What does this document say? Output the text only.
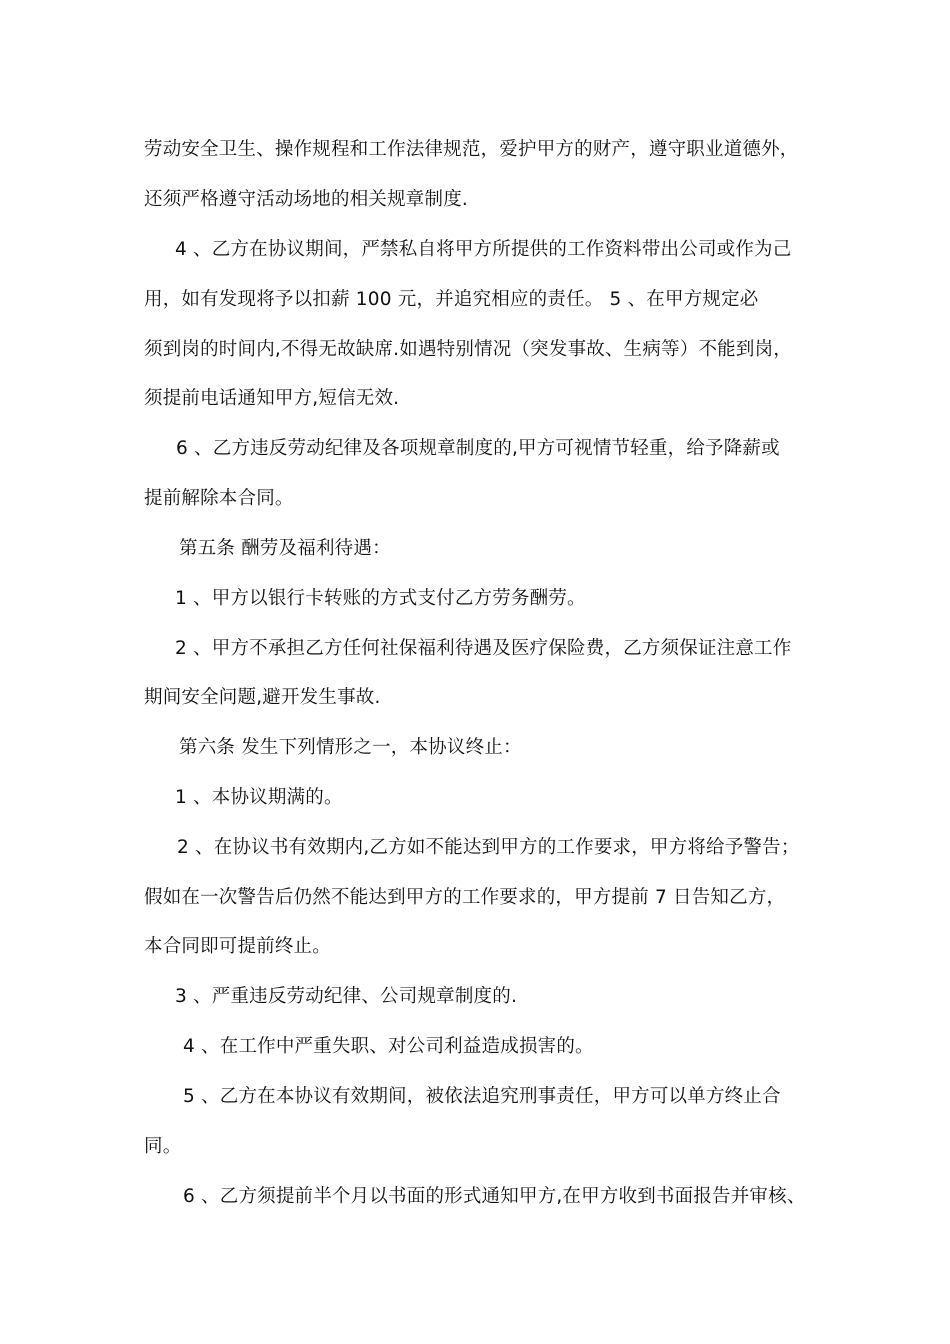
劳动安全卫生、操作规程和工作法律规范，爱护甲方的财产，遵守职业道德外，
还须严格遵守活动场地的相关规章制度.
4 、乙方在协议期间，严禁私自将甲方所提供的工作资料带出公司或作为己
用，如有发现将予以扣薪 100 元，并追究相应的责任。 5 、在甲方规定必
须到岗的时间内,不得无故缺席.如遇特别情况（突发事故、生病等）不能到岗，
须提前电话通知甲方,短信无效.
6 、乙方违反劳动纪律及各项规章制度的,甲方可视情节轻重，给予降薪或
提前解除本合同。
第五条 酬劳及福利待遇：
1 、甲方以银行卡转账的方式支付乙方劳务酬劳。
2 、甲方不承担乙方任何社保福利待遇及医疗保险费，乙方须保证注意工作
期间安全问题,避开发生事故.
第六条 发生下列情形之一，本协议终止：
1 、本协议期满的。
2 、在协议书有效期内,乙方如不能达到甲方的工作要求，甲方将给予警告；
假如在一次警告后仍然不能达到甲方的工作要求的，甲方提前 7 日告知乙方，
本合同即可提前终止。
3 、严重违反劳动纪律、公司规章制度的.
4 、在工作中严重失职、对公司利益造成损害的。
5 、乙方在本协议有效期间，被依法追究刑事责任，甲方可以单方终止合
同。
6 、乙方须提前半个月以书面的形式通知甲方,在甲方收到书面报告并审核、
